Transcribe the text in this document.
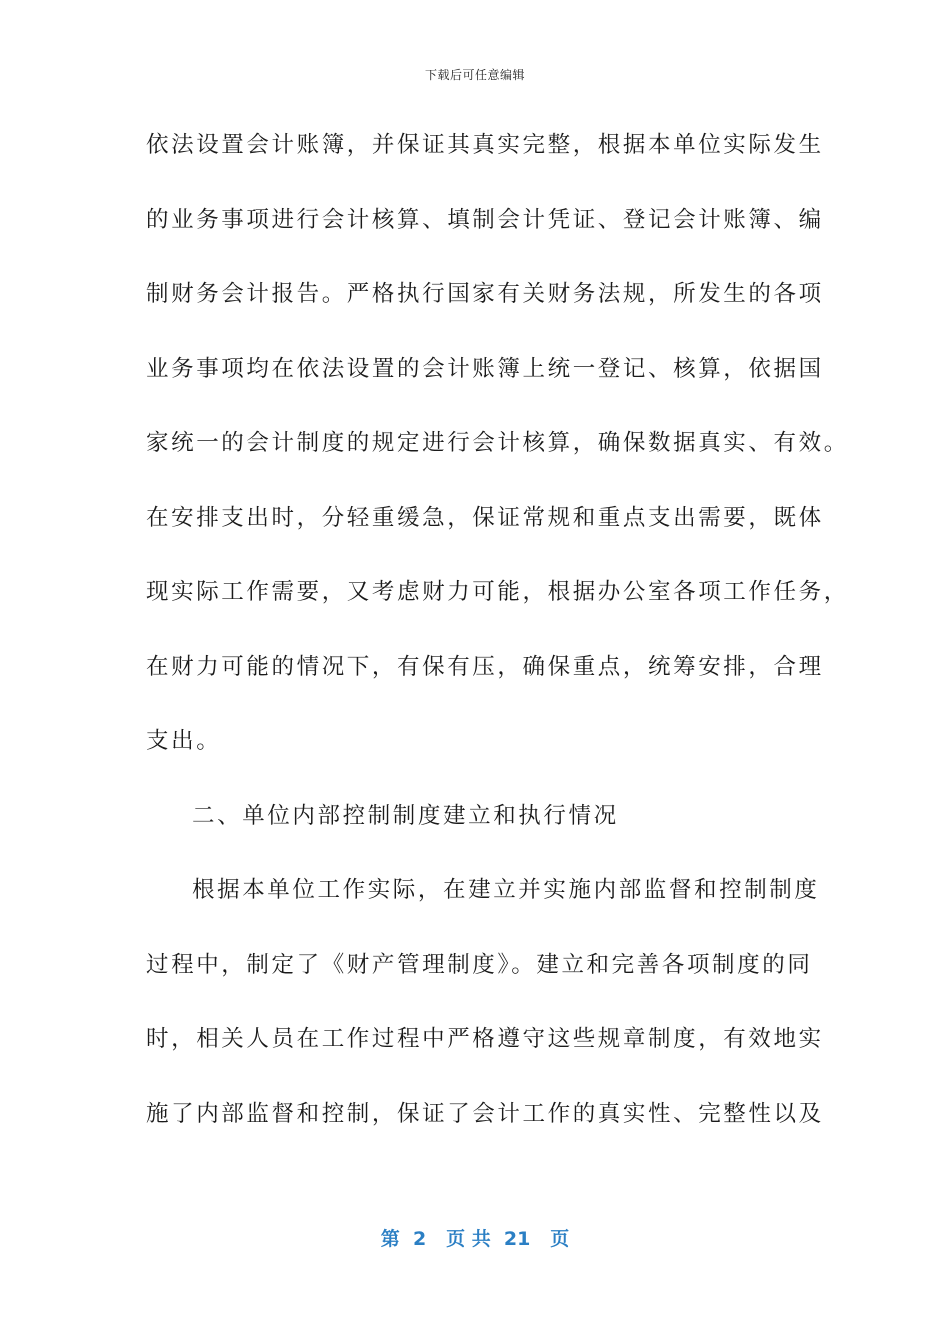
下载后可任意编辑
依法设置会计账簿，并保证其真实完整，根据本单位实际发生
的业务事项进行会计核算、填制会计凭证、登记会计账簿、编
制财务会计报告。严格执行国家有关财务法规，所发生的各项
业务事项均在依法设置的会计账簿上统一登记、核算，依据国
家统一的会计制度的规定进行会计核算，确保数据真实、有效。
在安排支出时，分轻重缓急，保证常规和重点支出需要，既体
现实际工作需要，又考虑财力可能，根据办公室各项工作任务，
在财力可能的情况下，有保有压，确保重点，统筹安排，合理
支出。
二、单位内部控制制度建立和执行情况
根据本单位工作实际，在建立并实施内部监督和控制制度
过程中，制定了《财产管理制度》。建立和完善各项制度的同
时，相关人员在工作过程中严格遵守这些规章制度，有效地实
施了内部监督和控制，保证了会计工作的真实性、完整性以及
第  2   页 共  21   页
